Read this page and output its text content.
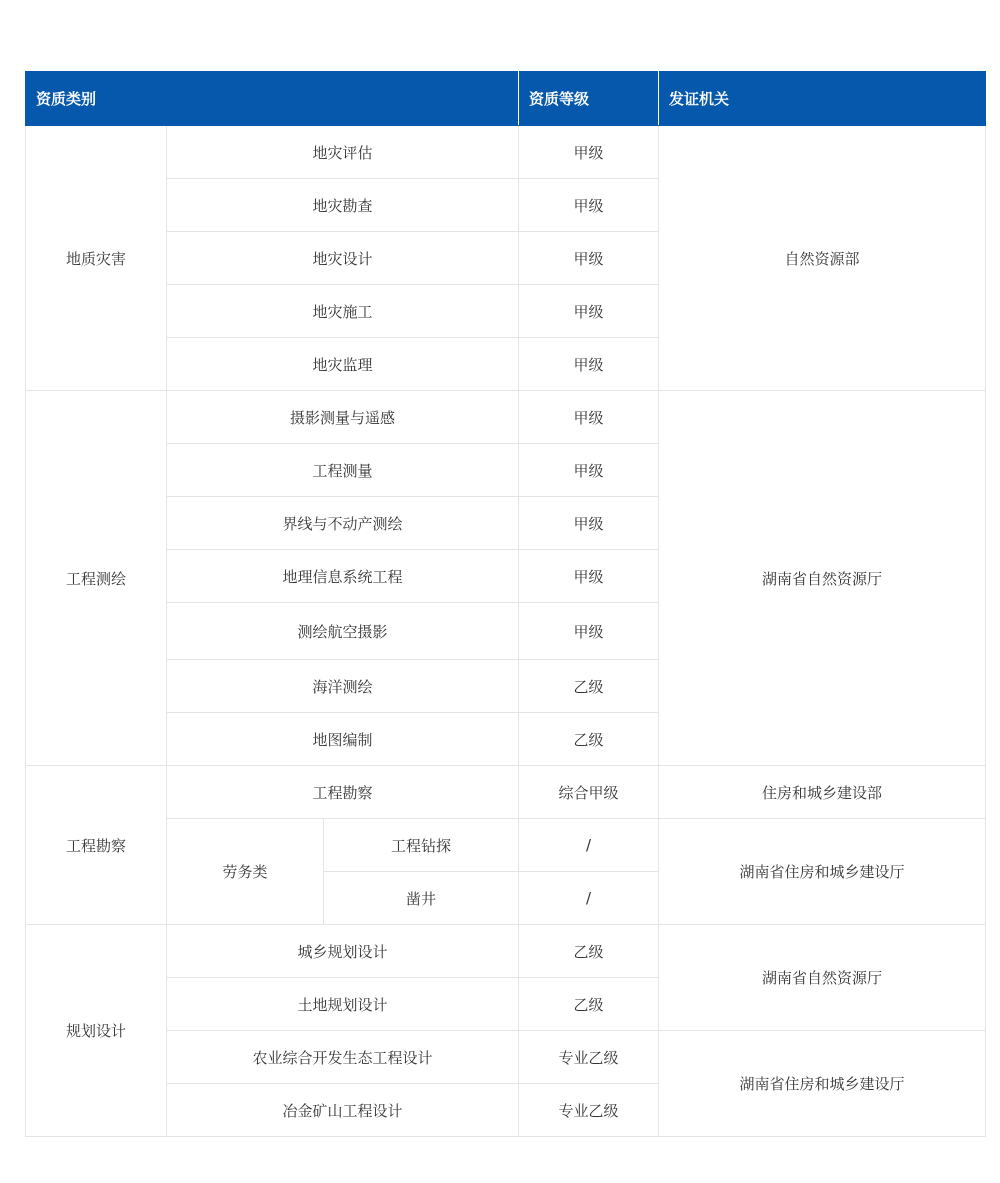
资质类别			资质等级	发证机关
地质灾害	地灾评估		甲级	自然资源部
	地灾勘查		甲级	
	地灾设计		甲级	
	地灾施工		甲级	
	地灾监理		甲级	
工程测绘	摄影测量与遥感		甲级	湖南省自然资源厅
	工程测量		甲级	
	界线与不动产测绘		甲级	
	地理信息系统工程		甲级	
	测绘航空摄影		甲级	
	海洋测绘		乙级	
	地图编制		乙级	
工程勘察	工程勘察		综合甲级	住房和城乡建设部
	劳务类	工程钻探	/	湖南省住房和城乡建设厅
		凿井	/	
规划设计	城乡规划设计		乙级	湖南省自然资源厅
	土地规划设计		乙级	
	农业综合开发生态工程设计		专业乙级	湖南省住房和城乡建设厅
	冶金矿山工程设计		专业乙级	
